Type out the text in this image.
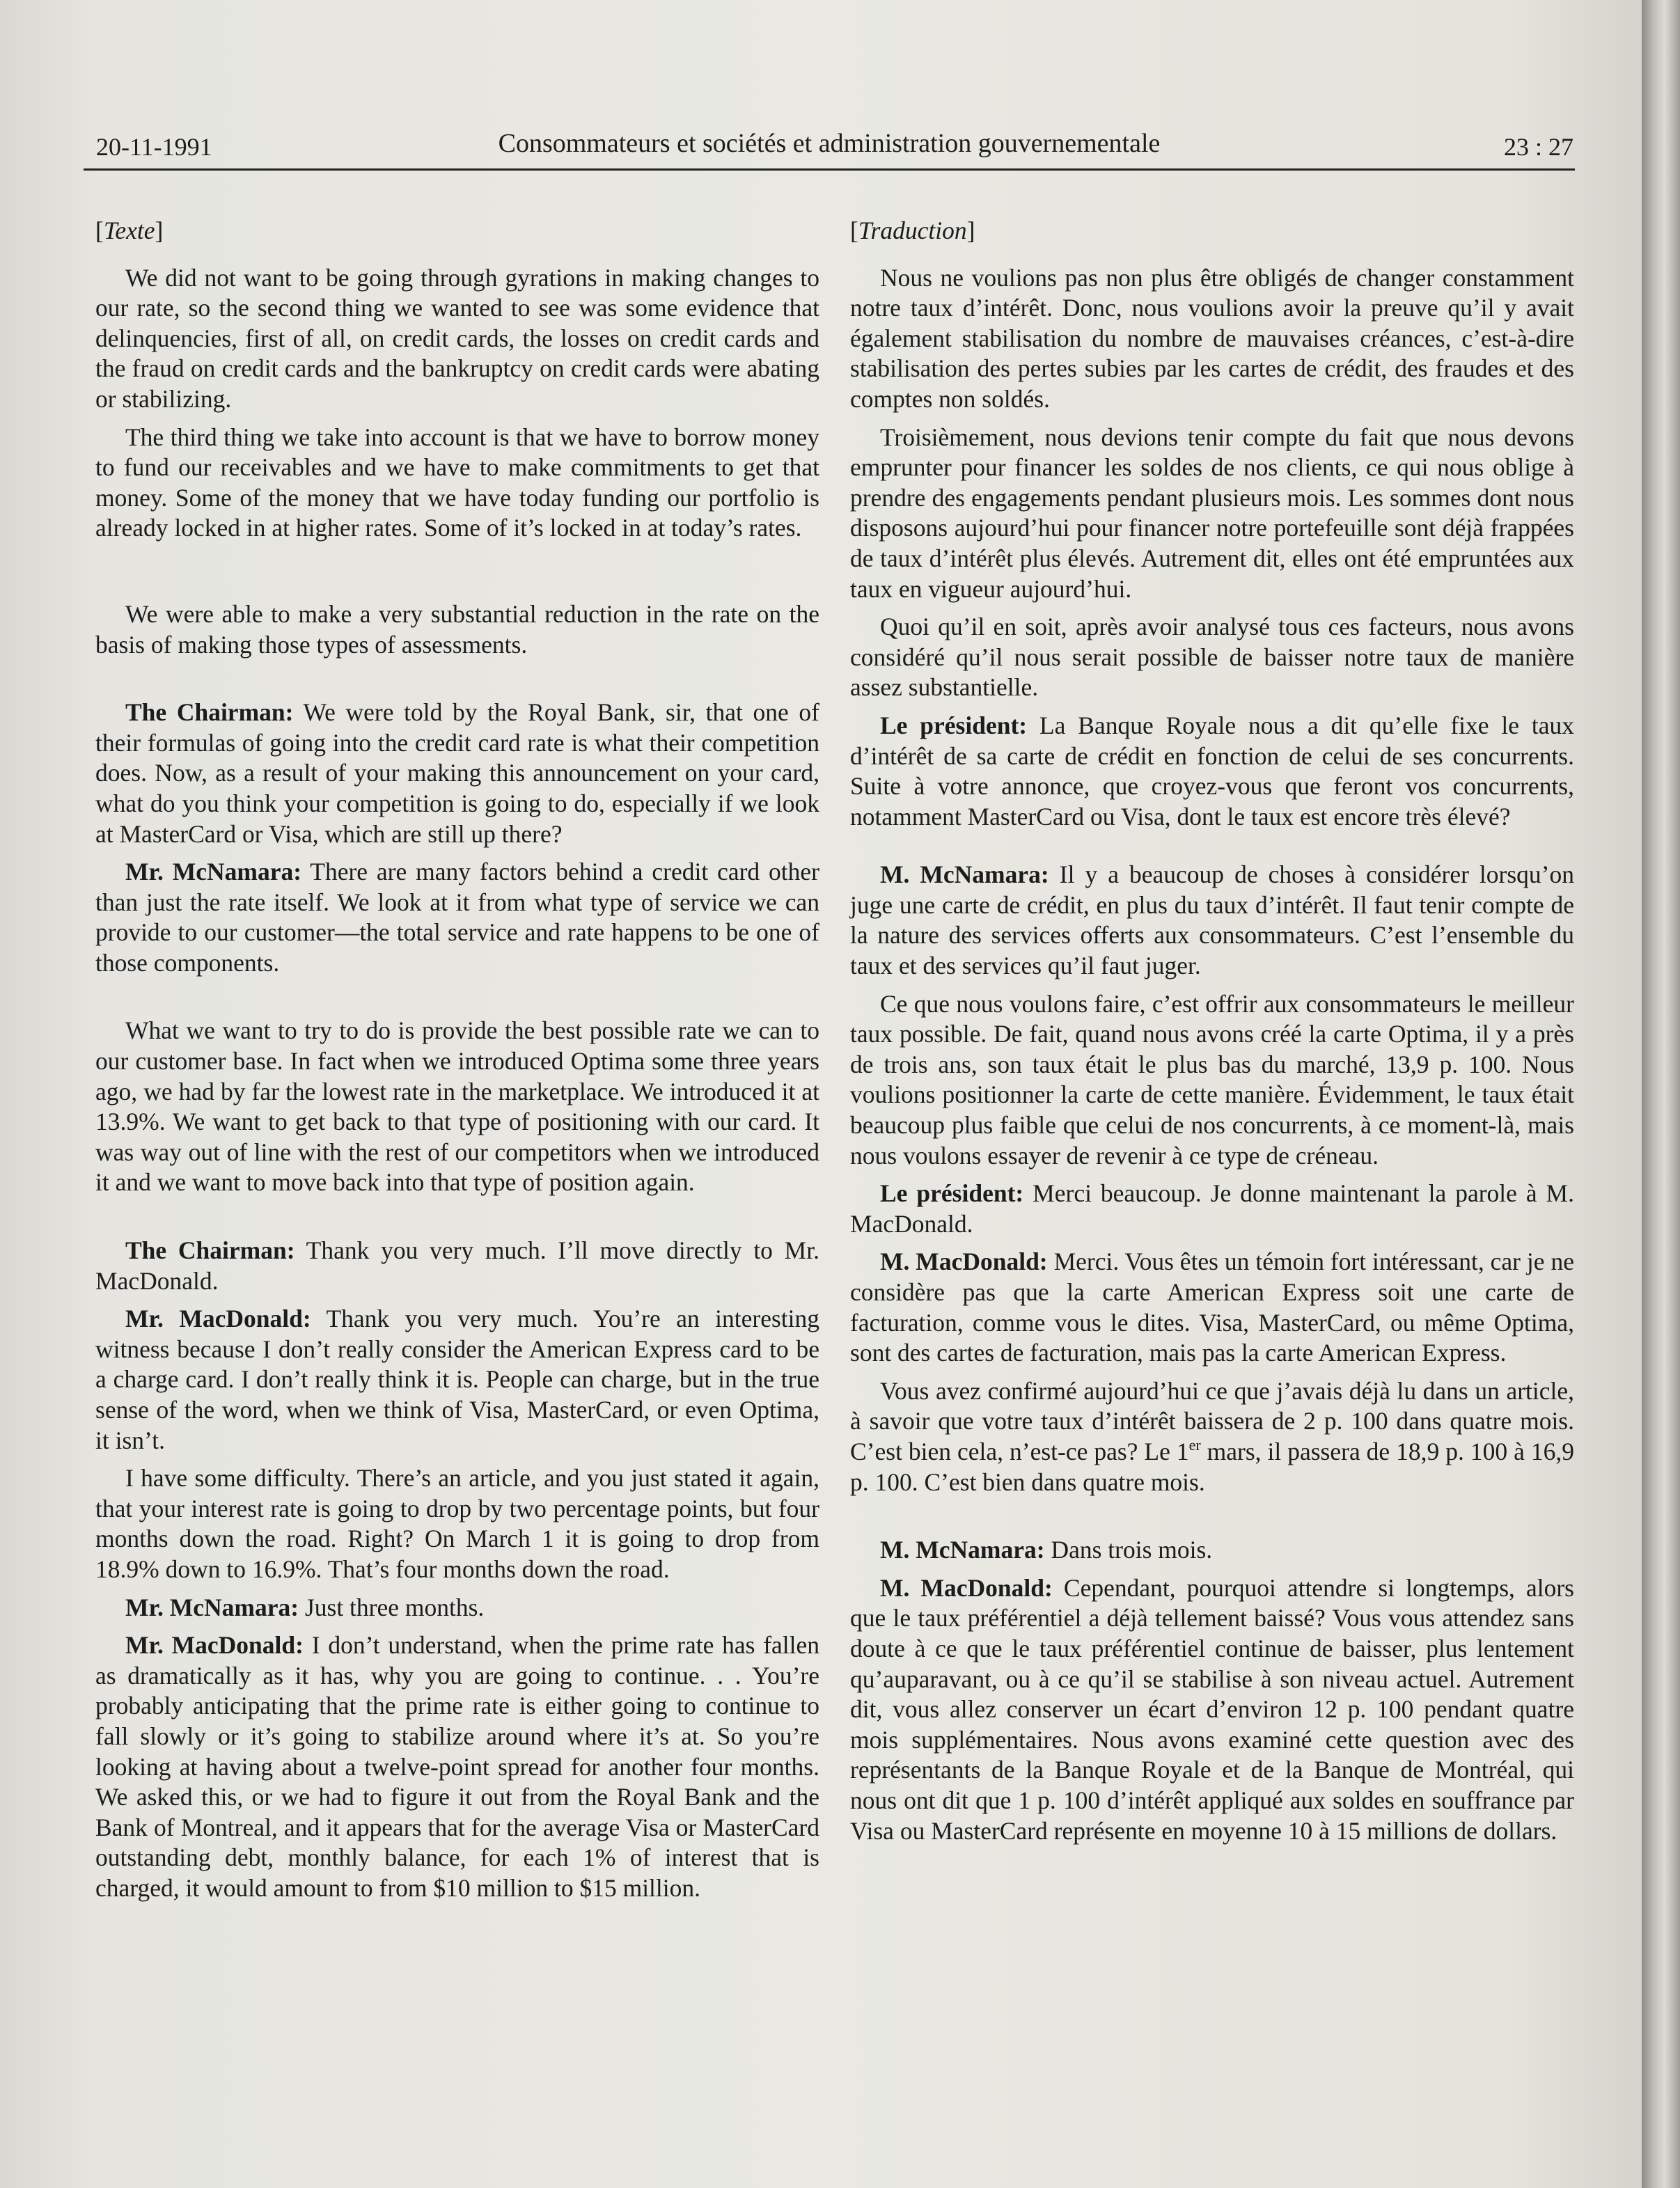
20-11-1991	Consommateurs et sociétés et administration gouvernementale	23 : 27

[Texte]

We did not want to be going through gyrations in making changes to our rate, so the second thing we wanted to see was some evidence that delinquencies, first of all, on credit cards, the losses on credit cards and the fraud on credit cards and the bankruptcy on credit cards were abating or stabilizing.

The third thing we take into account is that we have to borrow money to fund our receivables and we have to make commitments to get that money. Some of the money that we have today funding our portfolio is already locked in at higher rates. Some of it’s locked in at today’s rates.

We were able to make a very substantial reduction in the rate on the basis of making those types of assessments.

The Chairman: We were told by the Royal Bank, sir, that one of their formulas of going into the credit card rate is what their competition does. Now, as a result of your making this announcement on your card, what do you think your competition is going to do, especially if we look at MasterCard or Visa, which are still up there?

Mr. McNamara: There are many factors behind a credit card other than just the rate itself. We look at it from what type of service we can provide to our customer—the total service and rate happens to be one of those components.

What we want to try to do is provide the best possible rate we can to our customer base. In fact when we introduced Optima some three years ago, we had by far the lowest rate in the marketplace. We introduced it at 13.9%. We want to get back to that type of positioning with our card. It was way out of line with the rest of our competitors when we introduced it and we want to move back into that type of position again.

The Chairman: Thank you very much. I’ll move directly to Mr. MacDonald.

Mr. MacDonald: Thank you very much. You’re an interesting witness because I don’t really consider the American Express card to be a charge card. I don’t really think it is. People can charge, but in the true sense of the word, when we think of Visa, MasterCard, or even Optima, it isn’t.

I have some difficulty. There’s an article, and you just stated it again, that your interest rate is going to drop by two percentage points, but four months down the road. Right? On March 1 it is going to drop from 18.9% down to 16.9%. That’s four months down the road.

Mr. McNamara: Just three months.

Mr. MacDonald: I don’t understand, when the prime rate has fallen as dramatically as it has, why you are going to continue. . . You’re probably anticipating that the prime rate is either going to continue to fall slowly or it’s going to stabilize around where it’s at. So you’re looking at having about a twelve-point spread for another four months. We asked this, or we had to figure it out from the Royal Bank and the Bank of Montreal, and it appears that for the average Visa or MasterCard outstanding debt, monthly balance, for each 1% of interest that is charged, it would amount to from $10 million to $15 million.

[Traduction]

Nous ne voulions pas non plus être obligés de changer constamment notre taux d’intérêt. Donc, nous voulions avoir la preuve qu’il y avait également stabilisation du nombre de mauvaises créances, c’est-à-dire stabilisation des pertes subies par les cartes de crédit, des fraudes et des comptes non soldés.

Troisièmement, nous devions tenir compte du fait que nous devons emprunter pour financer les soldes de nos clients, ce qui nous oblige à prendre des engagements pendant plusieurs mois. Les sommes dont nous disposons aujourd’hui pour financer notre portefeuille sont déjà frappées de taux d’intérêt plus élevés. Autrement dit, elles ont été empruntées aux taux en vigueur aujourd’hui.

Quoi qu’il en soit, après avoir analysé tous ces facteurs, nous avons considéré qu’il nous serait possible de baisser notre taux de manière assez substantielle.

Le président: La Banque Royale nous a dit qu’elle fixe le taux d’intérêt de sa carte de crédit en fonction de celui de ses concurrents. Suite à votre annonce, que croyez-vous que feront vos concurrents, notamment MasterCard ou Visa, dont le taux est encore très élevé?

M. McNamara: Il y a beaucoup de choses à considérer lorsqu’on juge une carte de crédit, en plus du taux d’intérêt. Il faut tenir compte de la nature des services offerts aux consommateurs. C’est l’ensemble du taux et des services qu’il faut juger.

Ce que nous voulons faire, c’est offrir aux consommateurs le meilleur taux possible. De fait, quand nous avons créé la carte Optima, il y a près de trois ans, son taux était le plus bas du marché, 13,9 p. 100. Nous voulions positionner la carte de cette manière. Évidemment, le taux était beaucoup plus faible que celui de nos concurrents, à ce moment-là, mais nous voulons essayer de revenir à ce type de créneau.

Le président: Merci beaucoup. Je donne maintenant la parole à M. MacDonald.

M. MacDonald: Merci. Vous êtes un témoin fort intéressant, car je ne considère pas que la carte American Express soit une carte de facturation, comme vous le dites. Visa, MasterCard, ou même Optima, sont des cartes de facturation, mais pas la carte American Express.

Vous avez confirmé aujourd’hui ce que j’avais déjà lu dans un article, à savoir que votre taux d’intérêt baissera de 2 p. 100 dans quatre mois. C’est bien cela, n’est-ce pas? Le 1er mars, il passera de 18,9 p. 100 à 16,9 p. 100. C’est bien dans quatre mois.

M. McNamara: Dans trois mois.

M. MacDonald: Cependant, pourquoi attendre si longtemps, alors que le taux préférentiel a déjà tellement baissé? Vous vous attendez sans doute à ce que le taux préférentiel continue de baisser, plus lentement qu’auparavant, ou à ce qu’il se stabilise à son niveau actuel. Autrement dit, vous allez conserver un écart d’environ 12 p. 100 pendant quatre mois supplémentaires. Nous avons examiné cette question avec des représentants de la Banque Royale et de la Banque de Montréal, qui nous ont dit que 1 p. 100 d’intérêt appliqué aux soldes en souffrance par Visa ou MasterCard représente en moyenne 10 à 15 millions de dollars.
